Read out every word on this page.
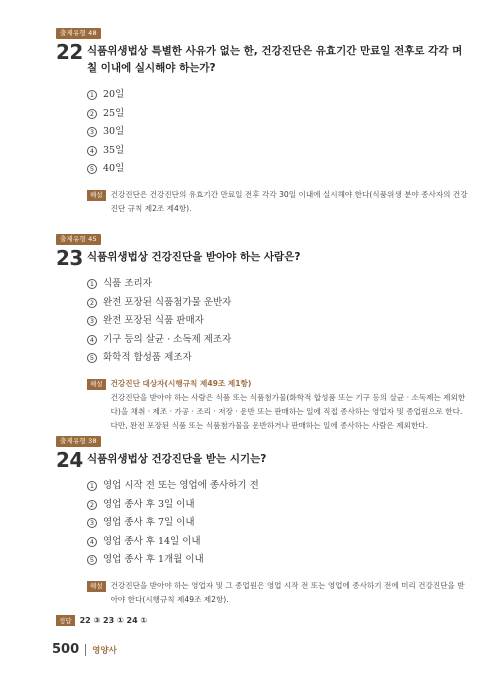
출제유형 48
22 식품위생법상 특별한 사유가 없는 한, 건강진단은 유효기간 만료일 전후로 각각 며칠 이내에 실시해야 하는가?
1 20일
2 25일
3 30일
4 35일
5 40일
해설	건강진단은 건강진단의 유효기간 만료일 전후 각각 30일 이내에 실시해야 한다(식품위생 분야 종사자의 건강진단 규칙 제2조 제4항).
출제유형 45
23 식품위생법상 건강진단을 받아야 하는 사람은?
1 식품 조리자
2 완전 포장된 식품첨가물 운반자
3 완전 포장된 식품 판매자
4 기구 등의 살균 · 소독제 제조자
5 화학적 합성품 제조자
해설	건강진단 대상자(시행규칙 제49조 제1항)
건강진단을 받아야 하는 사람은 식품 또는 식품첨가물(화학적 합성품 또는 기구 등의 살균 · 소독제는 제외한다)을 채취 · 제조 · 가공 · 조리 · 저장 · 운반 또는 판매하는 일에 직접 종사하는 영업자 및 종업원으로 한다. 다만, 완전 포장된 식품 또는 식품첨가물을 운반하거나 판매하는 일에 종사하는 사람은 제외한다.
출제유형 38
24 식품위생법상 건강진단을 받는 시기는?
1 영업 시작 전 또는 영업에 종사하기 전
2 영업 종사 후 3일 이내
3 영업 종사 후 7일 이내
4 영업 종사 후 14일 이내
5 영업 종사 후 1개월 이내
해설	건강진단을 받아야 하는 영업자 및 그 종업원은 영업 시작 전 또는 영업에 종사하기 전에 미리 건강진단을 받아야 한다(시행규칙 제49조 제2항).
정답	22 ③ 23 ① 24 ①
500 영양사
